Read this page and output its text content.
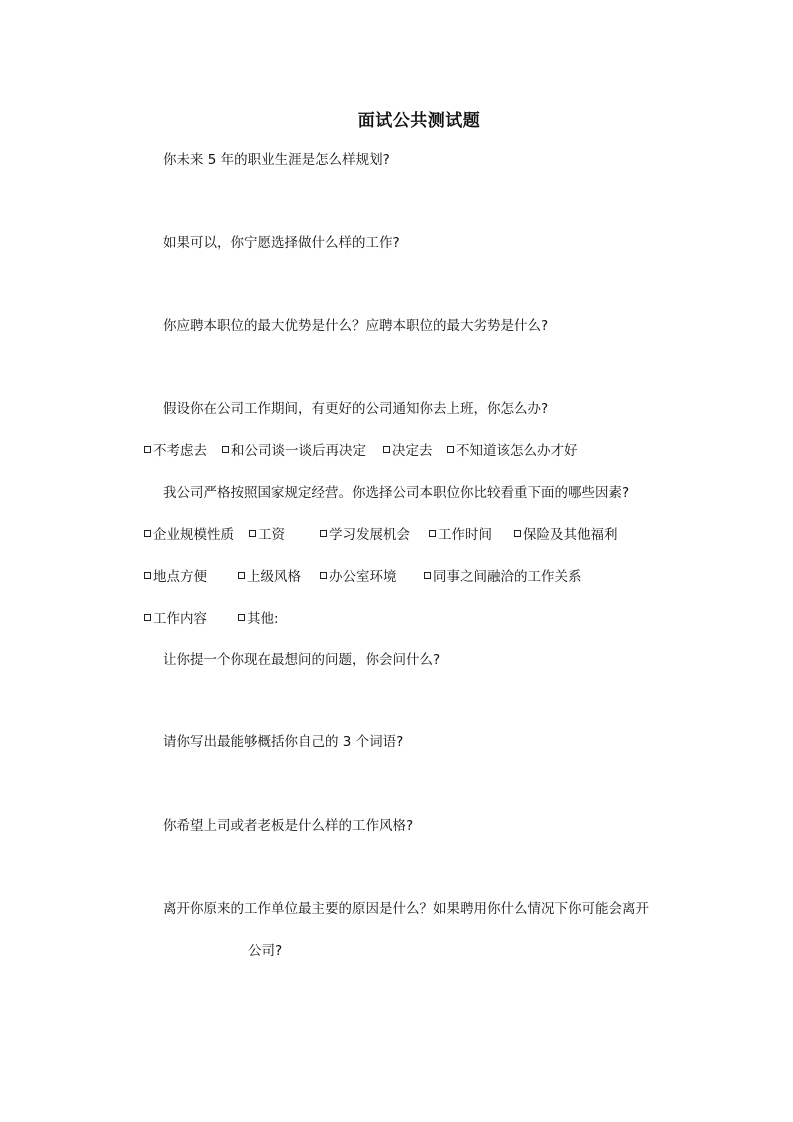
面试公共测试题
你未来 5 年的职业生涯是怎么样规划?
如果可以，你宁愿选择做什么样的工作?
你应聘本职位的最大优势是什么？应聘本职位的最大劣势是什么?
假设你在公司工作期间，有更好的公司通知你去上班，你怎么办?
不考虑去	和公司谈一谈后再决定	决定去	不知道该怎么办才好
我公司严格按照国家规定经营。你选择公司本职位你比较看重下面的哪些因素?
企业规模性质	工资	学习发展机会	工作时间	保险及其他福利
地点方便	上级风格	办公室环境	同事之间融洽的工作关系
工作内容	其他:
让你提一个你现在最想问的问题，你会问什么?
请你写出最能够概括你自己的 3 个词语?
你希望上司或者老板是什么样的工作风格?
离开你原来的工作单位最主要的原因是什么？如果聘用你什么情况下你可能会离开
公司?
